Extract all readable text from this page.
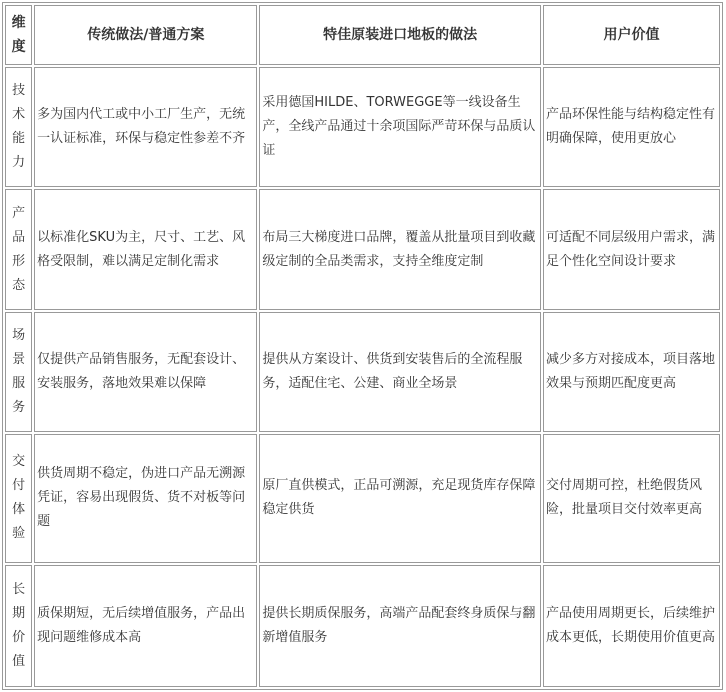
维度	传统做法/普通方案	特佳原装进口地板的做法	用户价值

技术能力	多为国内代工或中小工厂生产，无统一认证标准，环保与稳定性参差不齐	采用德国HILDE、TORWEGGE等一线设备生产，全线产品通过十余项国际严苛环保与品质认证	产品环保性能与结构稳定性有明确保障，使用更放心

产品形态	以标准化SKU为主，尺寸、工艺、风格受限制，难以满足定制化需求	布局三大梯度进口品牌，覆盖从批量项目到收藏级定制的全品类需求，支持全维度定制	可适配不同层级用户需求，满足个性化空间设计要求

场景服务	仅提供产品销售服务，无配套设计、安装服务，落地效果难以保障	提供从方案设计、供货到安装售后的全流程服务，适配住宅、公建、商业全场景	减少多方对接成本，项目落地效果与预期匹配度更高

交付体验	供货周期不稳定，伪进口产品无溯源凭证，容易出现假货、货不对板等问题	原厂直供模式，正品可溯源，充足现货库存保障稳定供货	交付周期可控，杜绝假货风险，批量项目交付效率更高

长期价值	质保期短，无后续增值服务，产品出现问题维修成本高	提供长期质保服务，高端产品配套终身质保与翻新增值服务	产品使用周期更长，后续维护成本更低，长期使用价值更高
